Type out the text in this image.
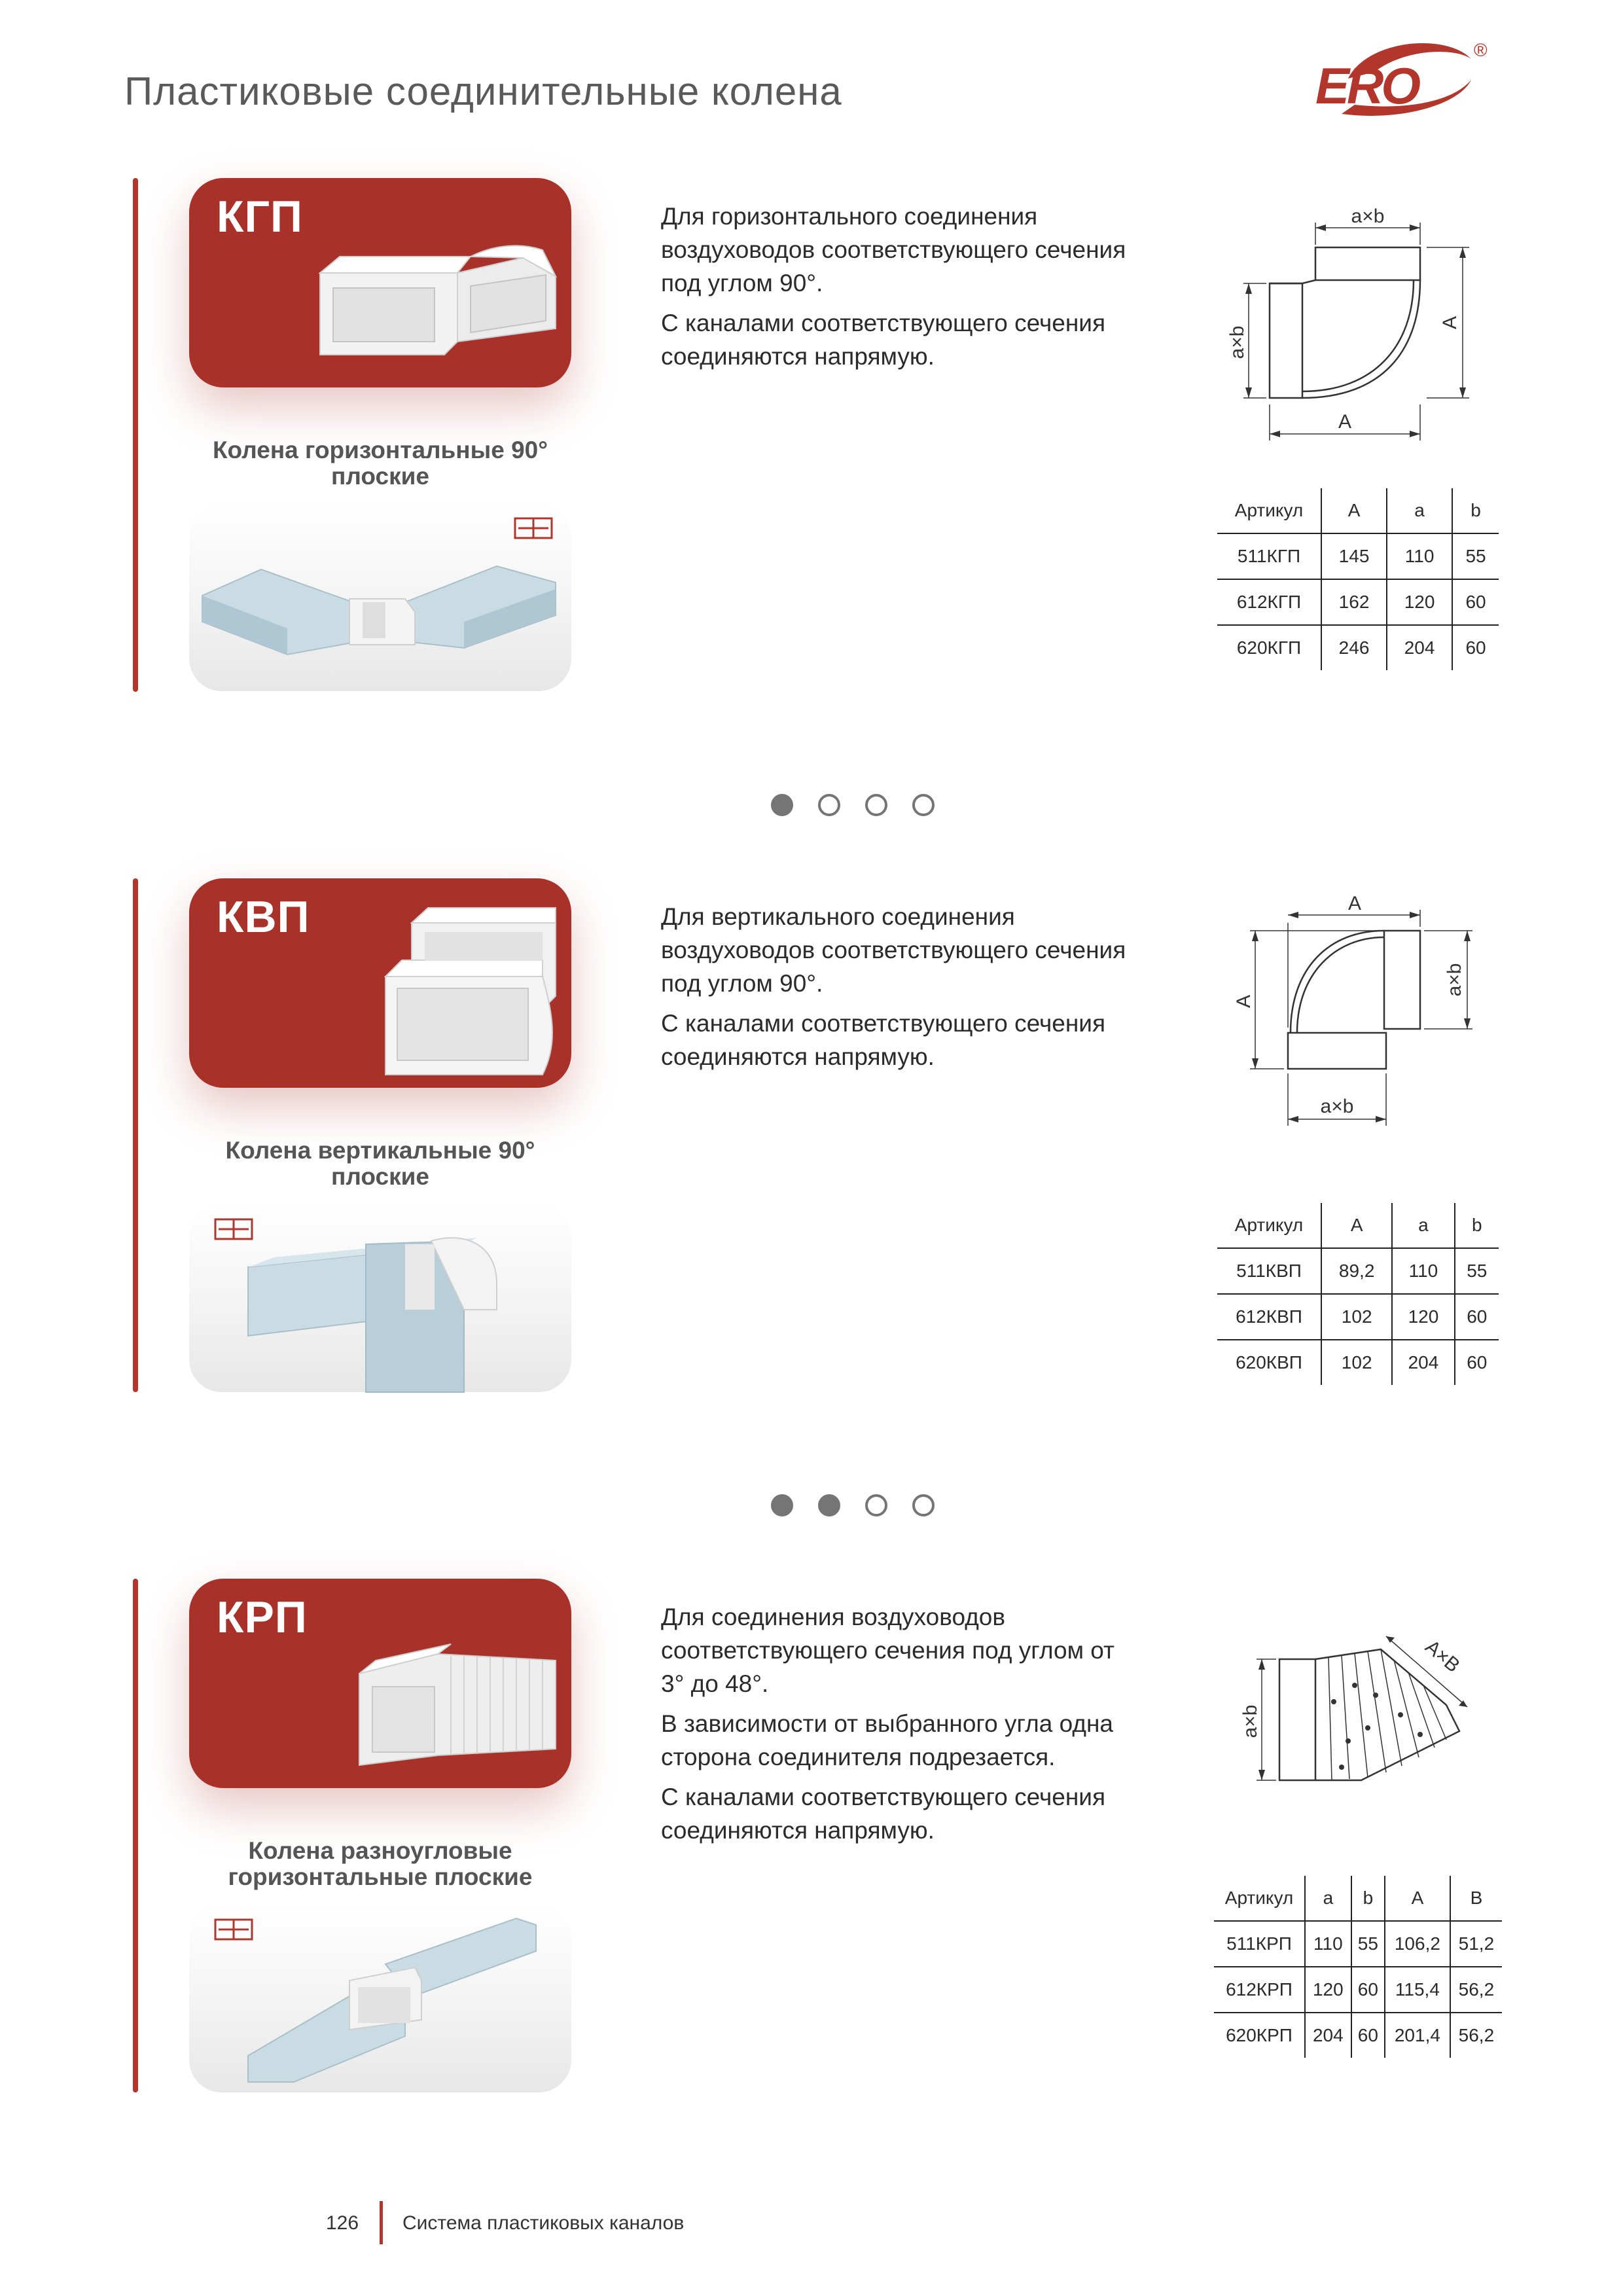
Пластиковые соединительные колена	ERO
®
КГП
Колена горизонтальные 90°
плоские

Для горизонтального соединения воздуховодов соответствующего сечения под углом 90°.

С каналами соответствующего сечения соединяются напрямую.

a×b
a×b
A
A
Артикул	A	a	b
511КГП	145	110	55
612КГП	162	120	60
620КГП	246	204	60
КВП
Колена вертикальные 90°
плоские

Для вертикального соединения воздуховодов соответствующего сечения под углом 90°.

С каналами соответствующего сечения соединяются напрямую.

A
A
a×b
a×b
Артикул	A	a	b
511КВП	89,2	110	55
612КВП	102	120	60
620КВП	102	204	60
КРП
Колена разноугловые
горизонтальные плоские

Для соединения воздуховодов соответствующего сечения под углом от 3° до 48°.

В зависимости от выбранного угла одна сторона соединителя подрезается.

С каналами соответствующего сечения соединяются напрямую.

a×b
A×B
Артикул	a	b	A	B
511КРП	110	55	106,2	51,2
612КРП	120	60	115,4	56,2
620КРП	204	60	201,4	56,2
126 Система пластиковых каналов
